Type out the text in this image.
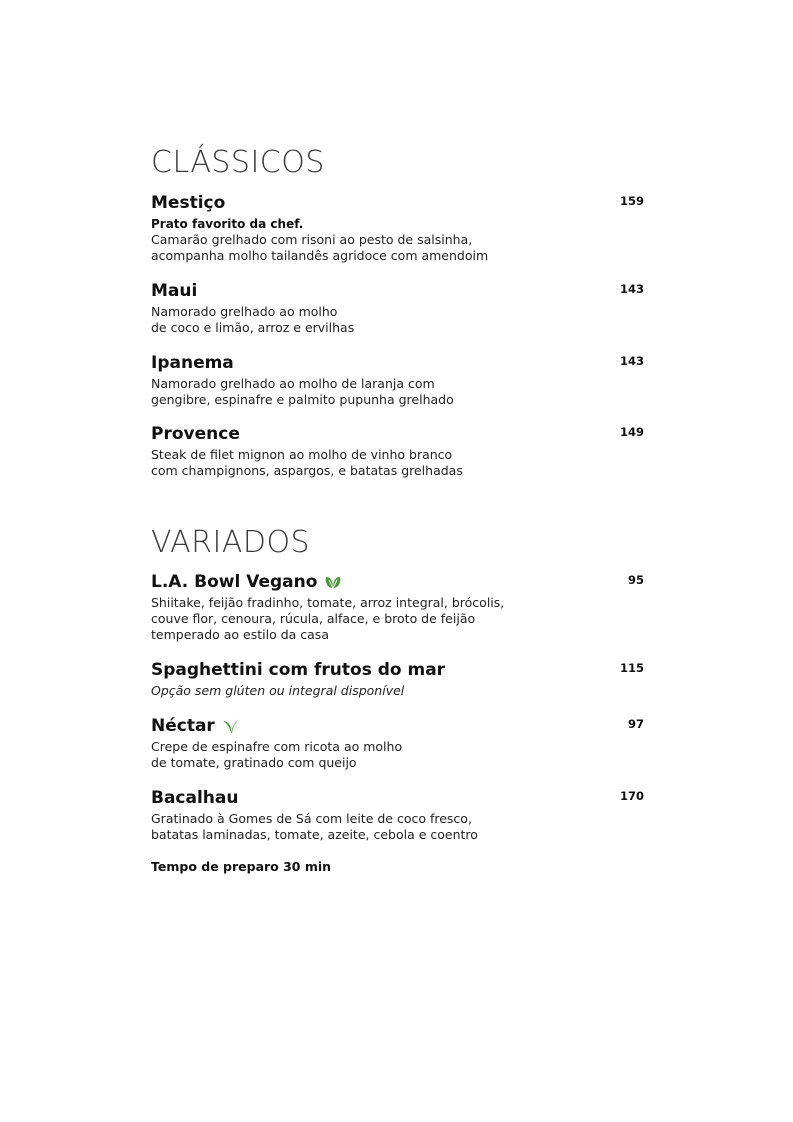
CLÁSSICOS
Mestiço	159
Prato favorito da chef.
Camarão grelhado com risoni ao pesto de salsinha,
acompanha molho tailandês agridoce com amendoim
Maui	143
Namorado grelhado ao molho
de coco e limão, arroz e ervilhas
Ipanema	143
Namorado grelhado ao molho de laranja com
gengibre, espinafre e palmito pupunha grelhado
Provence	149
Steak de filet mignon ao molho de vinho branco
com champignons, aspargos, e batatas grelhadas
VARIADOS
L.A. Bowl Vegano	95
Shiitake, feijão fradinho, tomate, arroz integral, brócolis,
couve flor, cenoura, rúcula, alface, e broto de feijão
temperado ao estilo da casa
Spaghettini com frutos do mar	115
Opção sem glúten ou integral disponível
Néctar	97
Crepe de espinafre com ricota ao molho
de tomate, gratinado com queijo
Bacalhau	170
Gratinado à Gomes de Sá com leite de coco fresco,
batatas laminadas, tomate, azeite, cebola e coentro
Tempo de preparo 30 min
